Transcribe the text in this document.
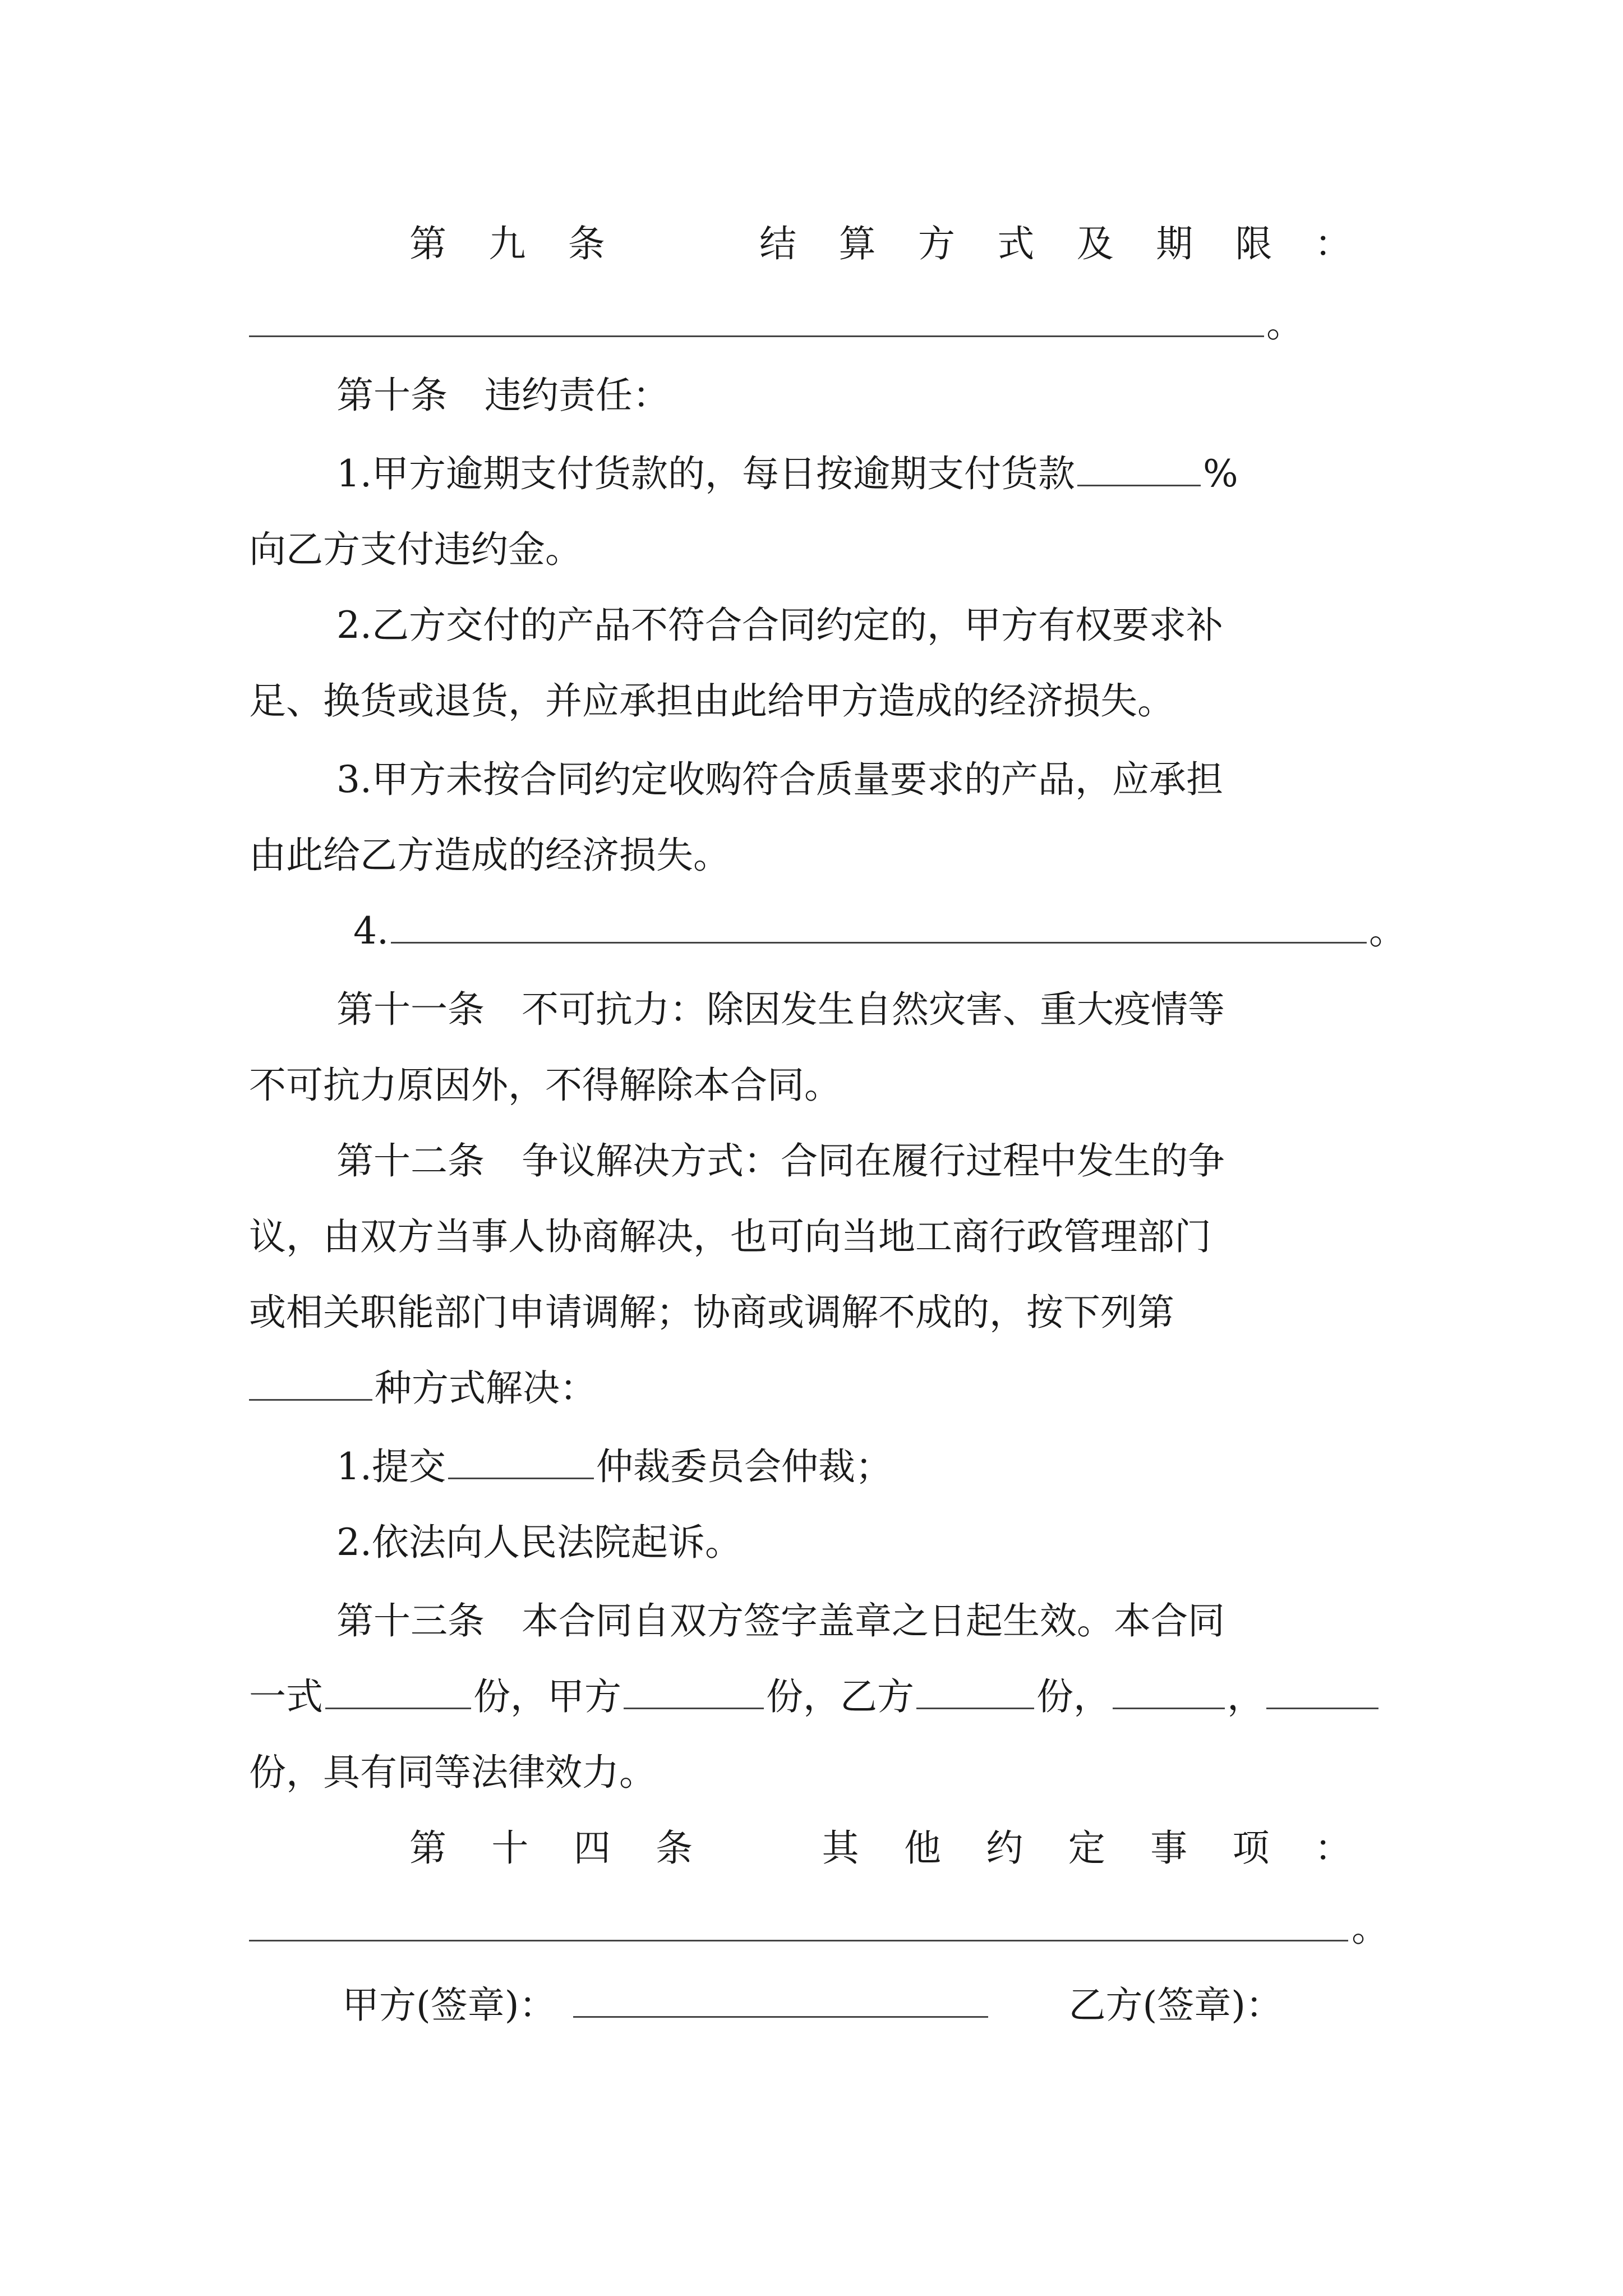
第 九 条	结 算 方 式 及 期 限 ：
。
第十条　违约责任：
1.甲方逾期支付货款的，每日按逾期支付货款	%
向乙方支付违约金。
2.乙方交付的产品不符合合同约定的，甲方有权要求补
足、换货或退货，并应承担由此给甲方造成的经济损失。
3.甲方未按合同约定收购符合质量要求的产品，应承担
由此给乙方造成的经济损失。
4.	。
第十一条　不可抗力：除因发生自然灾害、重大疫情等
不可抗力原因外，不得解除本合同。
第十二条　争议解决方式：合同在履行过程中发生的争
议，由双方当事人协商解决，也可向当地工商行政管理部门
或相关职能部门申请调解；协商或调解不成的，按下列第
种方式解决：
1.提交	仲裁委员会仲裁；
2.依法向人民法院起诉。
第十三条　本合同自双方签字盖章之日起生效。本合同
一式	份，甲方	份，乙方	份，	，
份，具有同等法律效力。
第 十 四 条	其 他 约 定 事 项 ：
。
甲方(签章)：	乙方(签章)：
